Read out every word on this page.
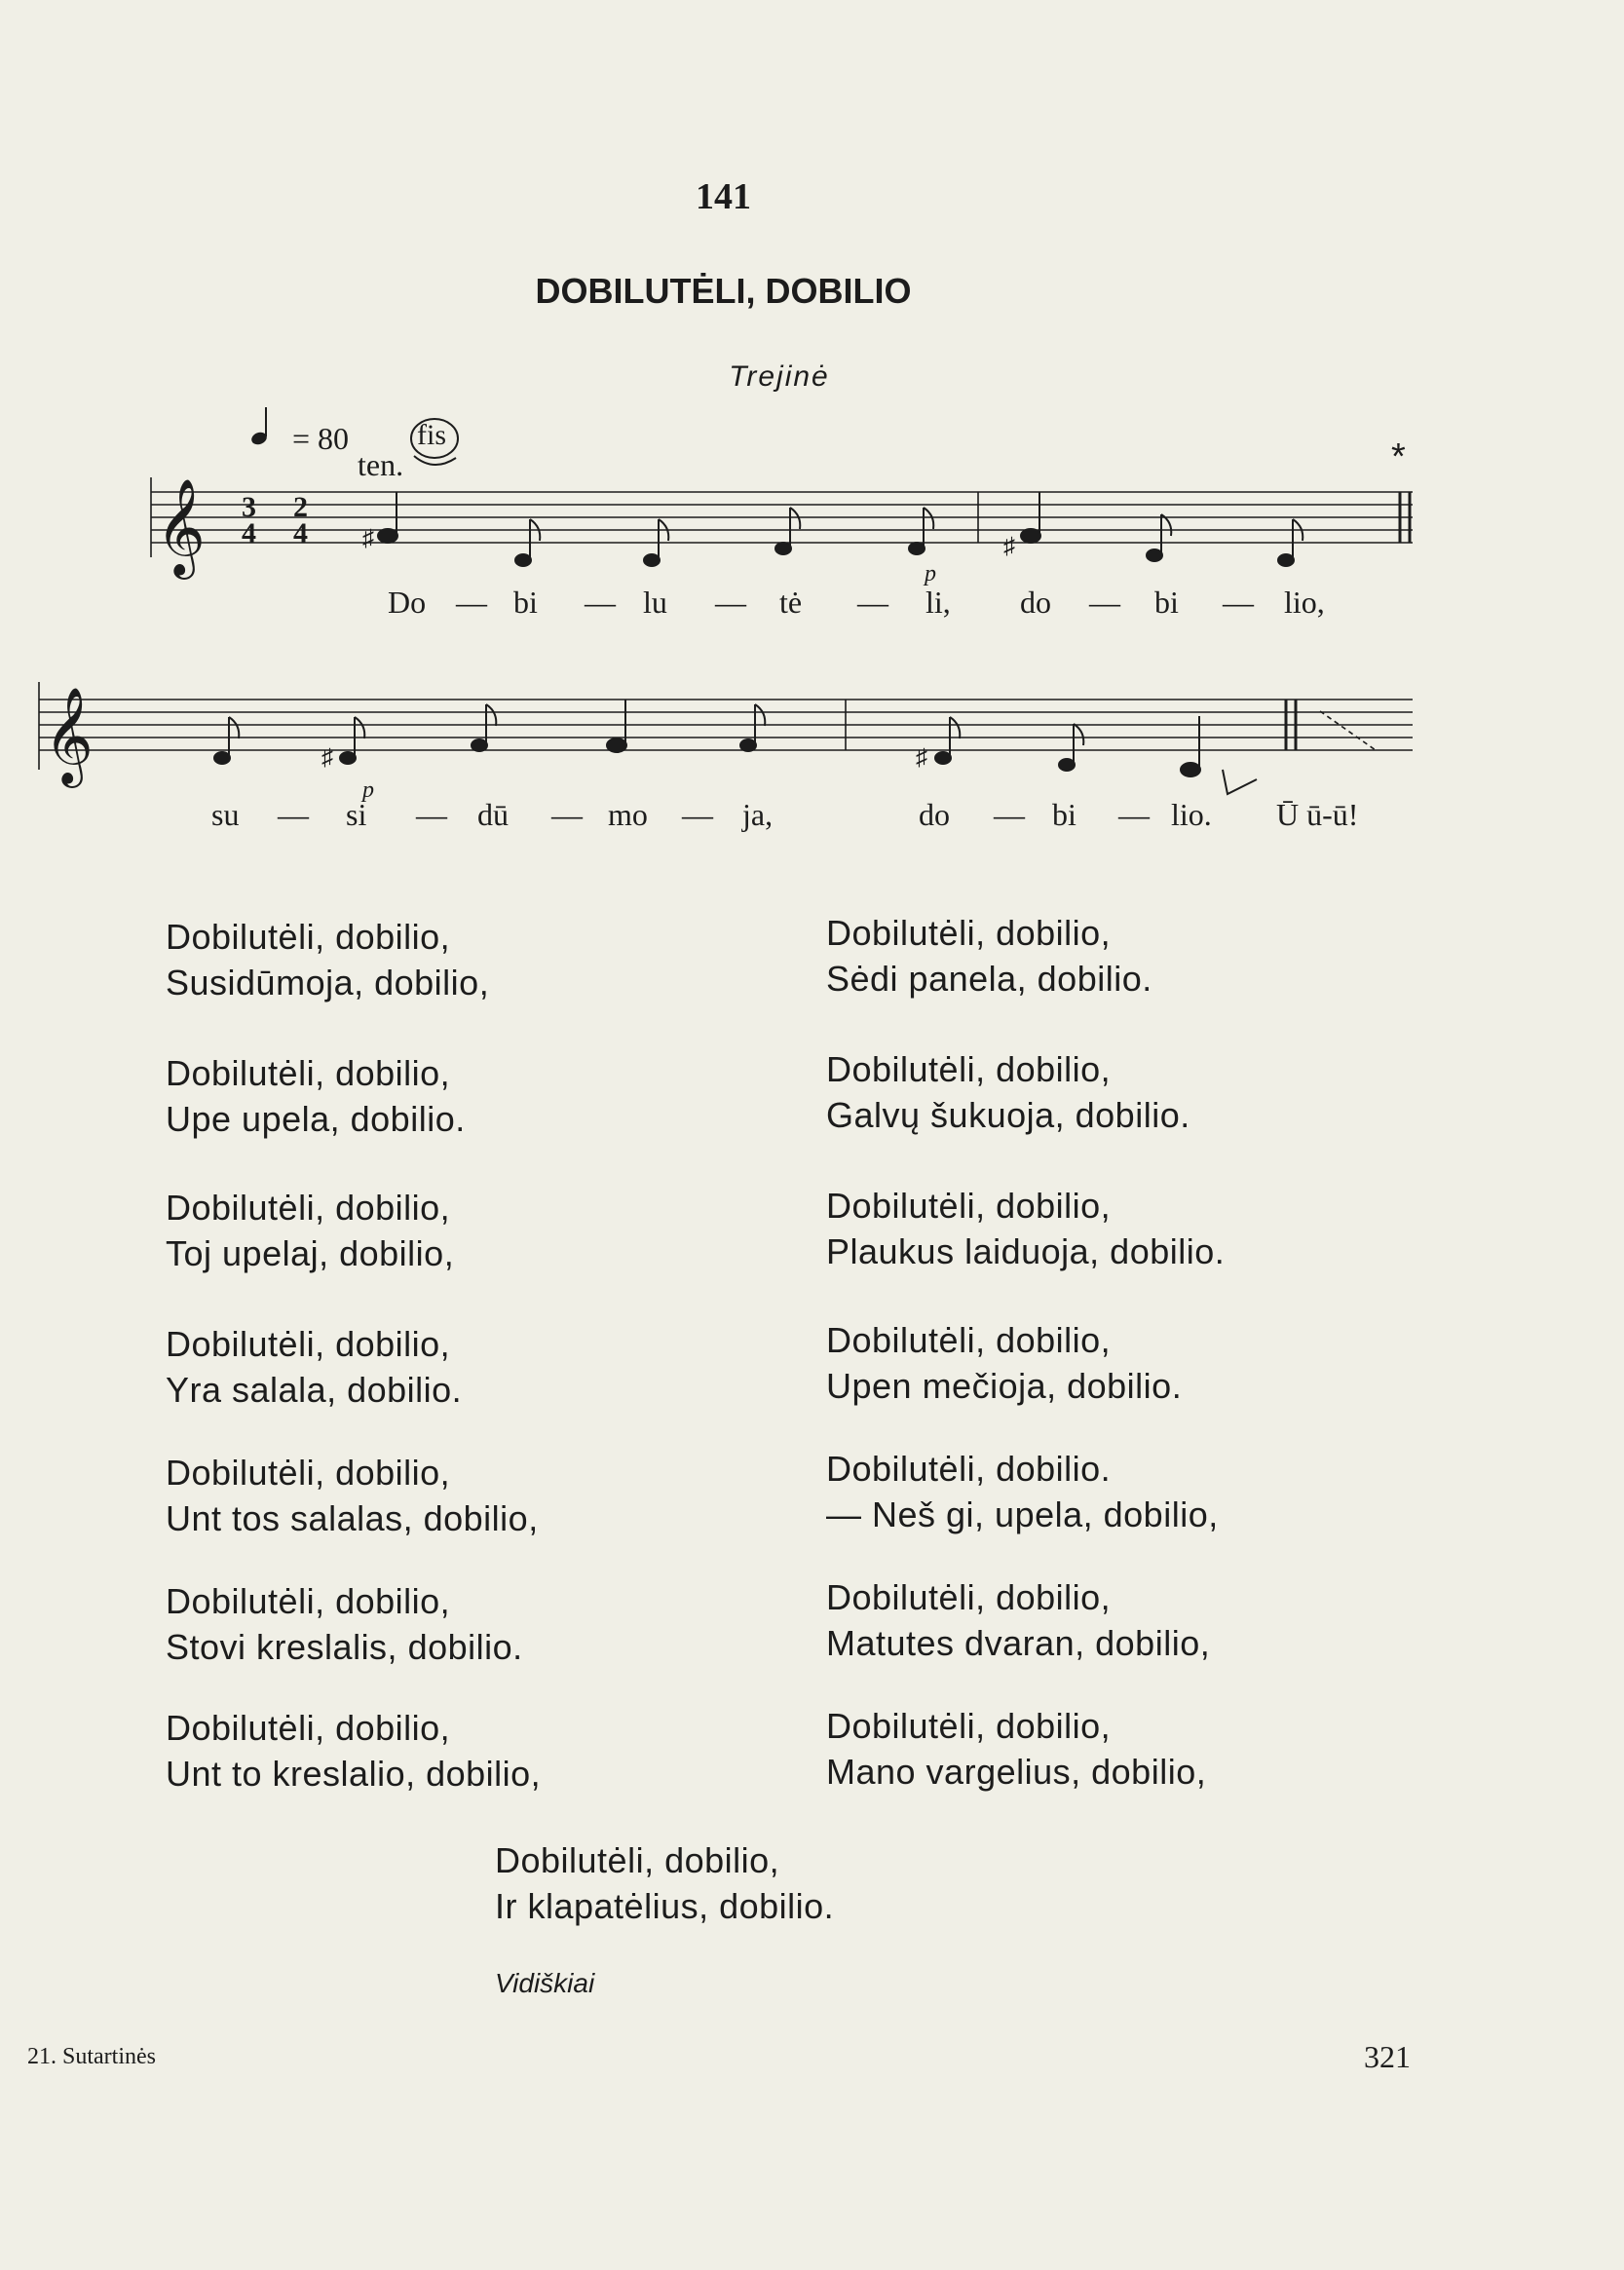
141
DOBILUTĖLI, DOBILIO
Trejinė
𝄞 3
4
2
4 ♯	♯
p
𝄞	♯	♯
p
= 80
ten.
fis
*
Do — bi — lu — tė — li, do — bi — lio,
su — si — dū — mo — ja,	do — bi — lio. Ū ū-ū!
Dobilutėli, dobilio,
Susidūmoja, dobilio,
Dobilutėli, dobilio,
Upe upela, dobilio.
Dobilutėli, dobilio,
Toj upelaj, dobilio,
Dobilutėli, dobilio,
Yra salala, dobilio.
Dobilutėli, dobilio,
Unt tos salalas, dobilio,
Dobilutėli, dobilio,
Stovi kreslalis, dobilio.
Dobilutėli, dobilio,
Unt to kreslalio, dobilio,
Dobilutėli, dobilio,
Sėdi panela, dobilio.
Dobilutėli, dobilio,
Galvų šukuoja, dobilio.
Dobilutėli, dobilio,
Plaukus laiduoja, dobilio.
Dobilutėli, dobilio,
Upen mečioja, dobilio.
Dobilutėli, dobilio.
— Neš gi, upela, dobilio,
Dobilutėli, dobilio,
Matutes dvaran, dobilio,
Dobilutėli, dobilio,
Mano vargelius, dobilio,
Dobilutėli, dobilio,
Ir klapatėlius, dobilio.
Vidiškiai
21. Sutartinės	321
